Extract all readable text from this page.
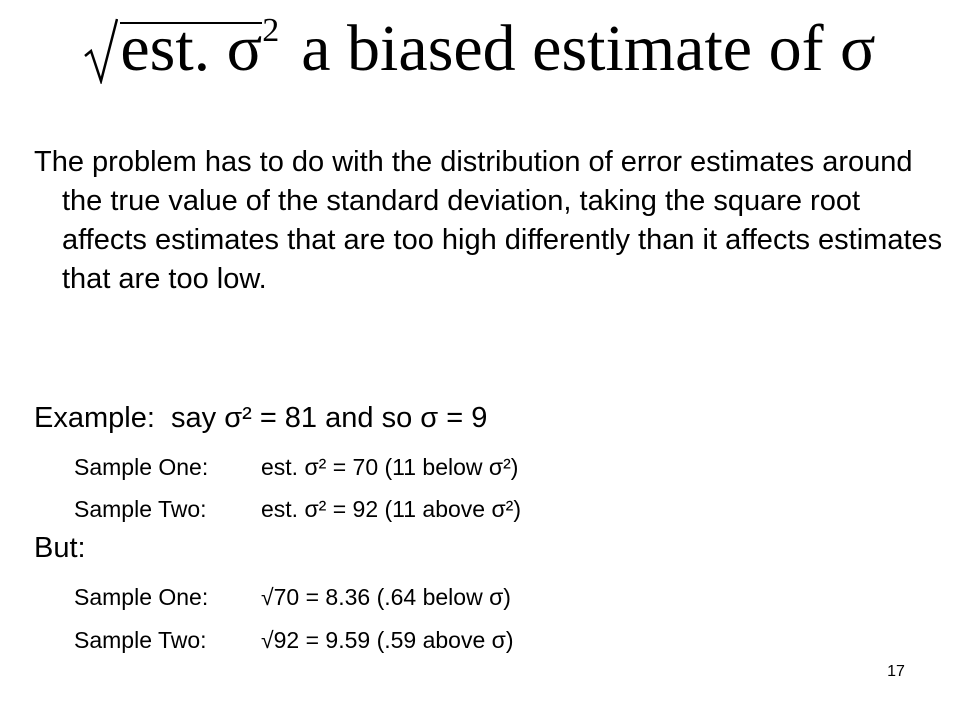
est. $\sigma^2$ a biased estimate of σ
The problem has to do with the distribution of error estimates around the true value of the standard deviation, taking the square root affects estimates that are too high differently than it affects estimates that are too low.
Example: say σ² = 81 and so σ = 9
Sample One: est. σ² = 70 (11 below σ²)
Sample Two: est. σ² = 92 (11 above σ²)
But:
Sample One: √70 = 8.36 (.64 below σ)
Sample Two: √92 = 9.59 (.59 above σ)
17
